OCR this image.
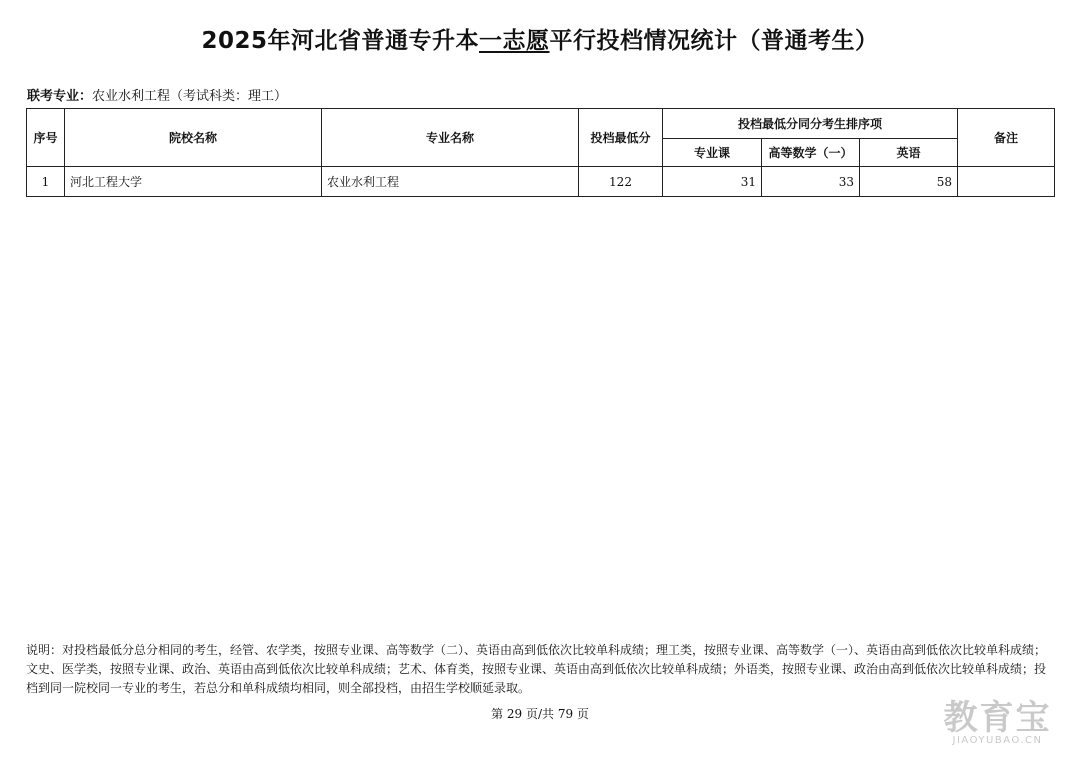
2025年河北省普通专升本一志愿平行投档情况统计（普通考生）
联考专业：农业水利工程（考试科类：理工）
序号	院校名称	专业名称	投档最低分	投档最低分同分考生排序项			备注
				专业课	高等数学（一）	英语	
1	河北工程大学	农业水利工程	122	31	33	58	
说明：对投档最低分总分相同的考生，经管、农学类，按照专业课、高等数学（二）、英语由高到低依次比较单科成绩；理工类，按照专业课、高等数学（一）、英语由高到低依次比较单科成绩；文史、医学类，按照专业课、政治、英语由高到低依次比较单科成绩；艺术、体育类，按照专业课、英语由高到低依次比较单科成绩；外语类，按照专业课、政治由高到低依次比较单科成绩；投档到同一院校同一专业的考生，若总分和单科成绩均相同，则全部投档，由招生学校顺延录取。
第 29 页/共 79 页	教育宝
JIAOYUBAO.CN
